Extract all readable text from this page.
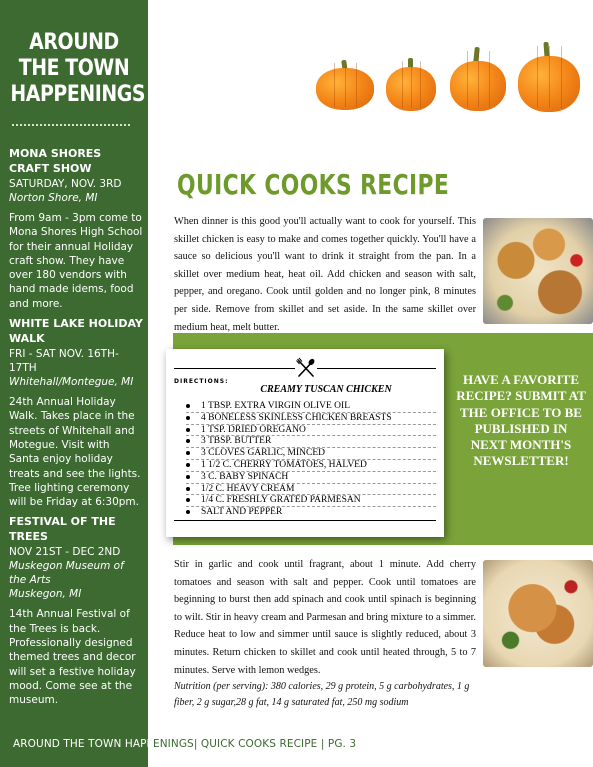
AROUND THE TOWN HAPPENINGS
MONA SHORES CRAFT SHOW
SATURDAY, NOV. 3RD
Norton Shore, MI
From 9am - 3pm come to Mona Shores High School for their annual Holiday craft show. They have over 180 vendors with hand made idems, food and more.
WHITE LAKE HOLIDAY WALK
FRI - SAT NOV. 16TH-17TH
Whitehall/Montegue, MI
24th Annual Holiday Walk. Takes place in the streets of Whitehall and Motegue. Visit with Santa enjoy holiday treats and see the lights. Tree lighting ceremony will be Friday at 6:30pm.
FESTIVAL OF THE TREES
NOV 21ST - DEC 2ND
Muskegon Museum of the Arts
Muskegon, MI
14th Annual Festival of the Trees is back. Professionally designed themed trees and decor will set a festive holiday mood. Come see at the museum.
QUICK COOKS RECIPE
When dinner is this good you'll actually want to cook for yourself. This skillet chicken is easy to make and comes together quickly. You'll have a sauce so delicious you'll want to drink it straight from the pan. In a skillet over medium heat, heat oil. Add chicken and season with salt, pepper, and oregano. Cook until golden and no longer pink, 8 minutes per side. Remove from skillet and set aside. In the same skillet over medium heat, melt butter.
DIRECTIONS:
CREAMY TUSCAN CHICKEN
1 TBSP. EXTRA VIRGIN OLIVE OIL
4 BONELESS SKINLESS CHICKEN BREASTS
1 TSP. DRIED OREGANO
3 TBSP. BUTTER
3 CLOVES GARLIC, MINCED
1 1/2 C. CHERRY TOMATOES, HALVED
3 C. BABY SPINACH
1/2 C. HEAVY CREAM
1/4 C. FRESHLY GRATED PARMESAN
SALT AND PEPPER
HAVE A FAVORITE RECIPE? SUBMIT AT THE OFFICE TO BE PUBLISHED IN NEXT MONTH'S NEWSLETTER!
Stir in garlic and cook until fragrant, about 1 minute. Add cherry tomatoes and season with salt and pepper. Cook until tomatoes are beginning to burst then add spinach and cook until spinach is beginning to wilt. Stir in heavy cream and Parmesan and bring mixture to a simmer. Reduce heat to low and simmer until sauce is slightly reduced, about 3 minutes. Return chicken to skillet and cook until heated through, 5 to 7 minutes. Serve with lemon wedges.
Nutrition (per serving): 380 calories, 29 g protein, 5 g carbohydrates, 1 g fiber, 2 g sugar,28 g fat, 14 g saturated fat, 250 mg sodium
AROUND THE TOWN HAPPENINGS| QUICK COOKS RECIPE | PG. 3
